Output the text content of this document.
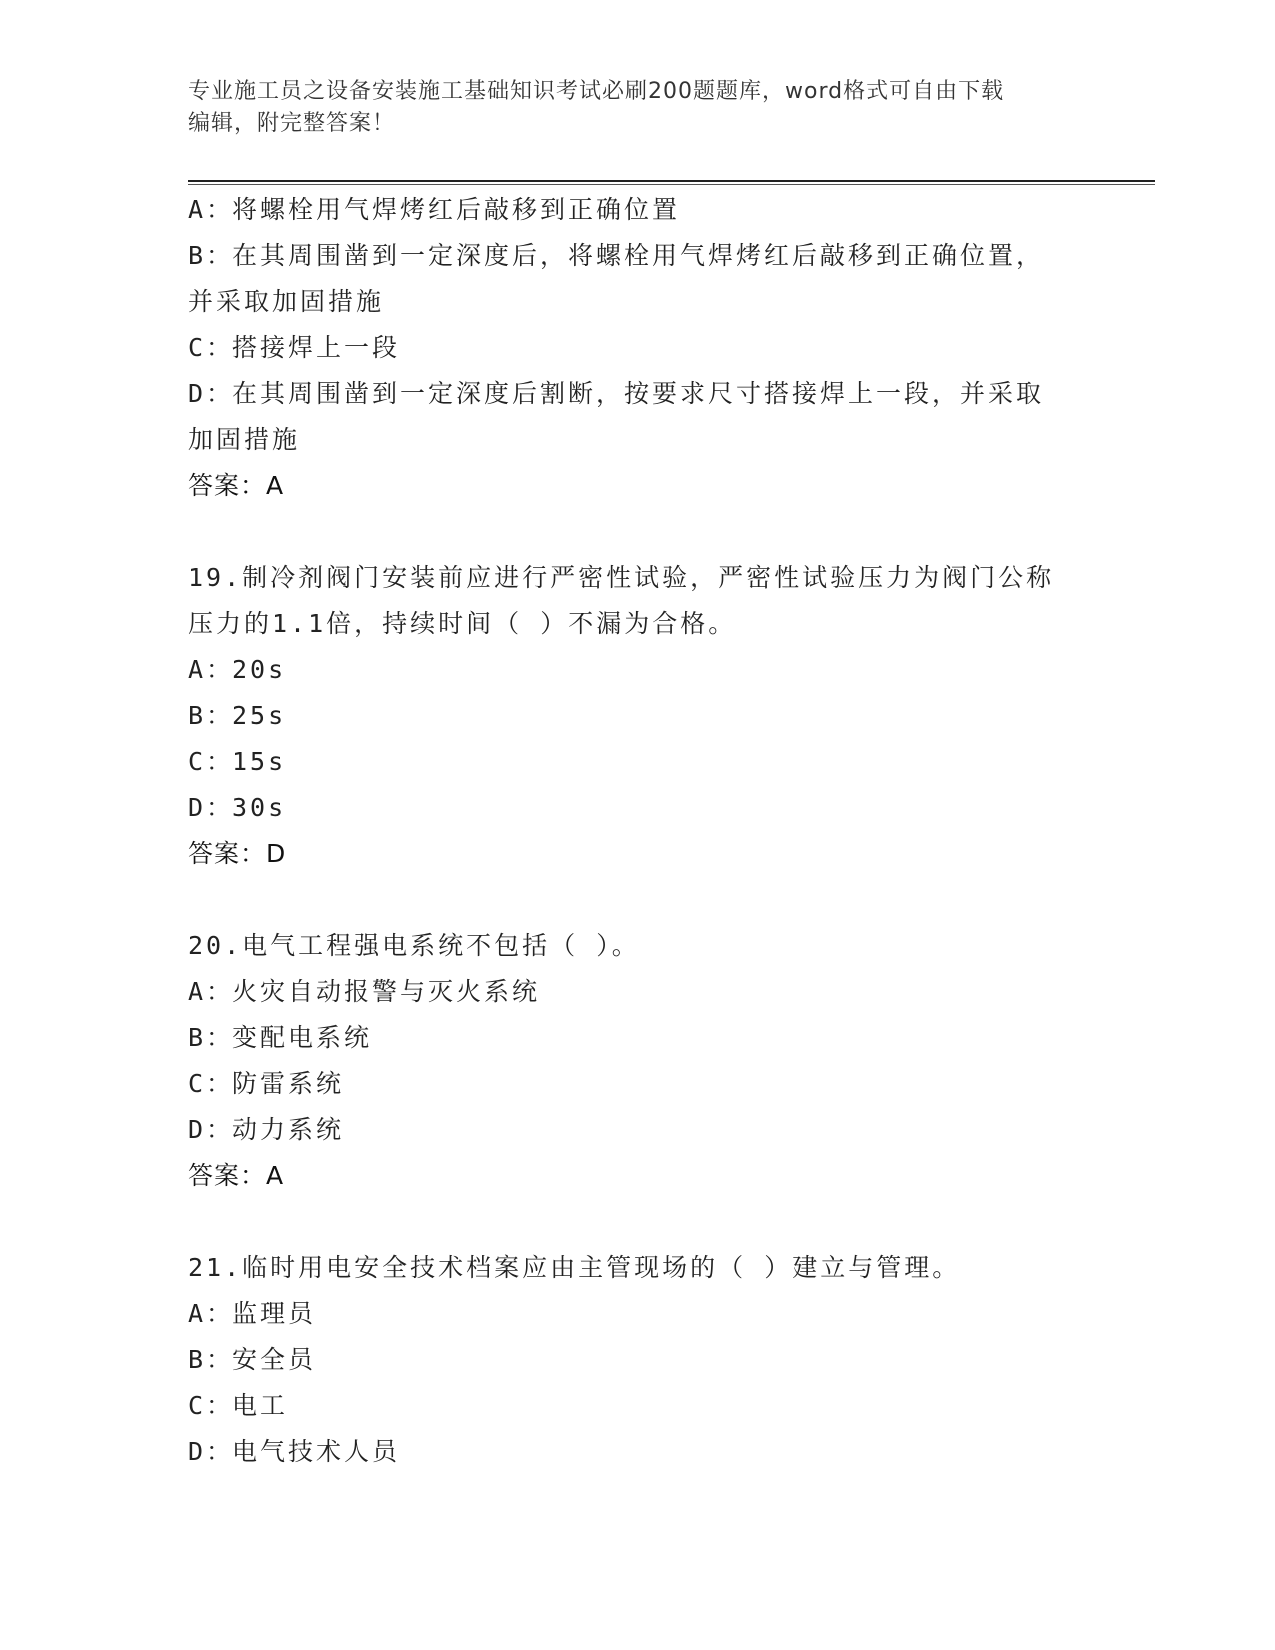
专业施工员之设备安装施工基础知识考试必刷200题题库，word格式可自由下载
编辑，附完整答案！
A：将螺栓用气焊烤红后敲移到正确位置
B：在其周围凿到一定深度后，将螺栓用气焊烤红后敲移到正确位置，
并采取加固措施
C：搭接焊上一段
D：在其周围凿到一定深度后割断，按要求尺寸搭接焊上一段，并采取
加固措施
答案：A
19.制冷剂阀门安装前应进行严密性试验，严密性试验压力为阀门公称
压力的1.1倍，持续时间（ ）不漏为合格。
A：20s
B：25s
C：15s
D：30s
答案：D
20.电气工程强电系统不包括（ ）。
A：火灾自动报警与灭火系统
B：变配电系统
C：防雷系统
D：动力系统
答案：A
21.临时用电安全技术档案应由主管现场的（ ）建立与管理。
A：监理员
B：安全员
C：电工
D：电气技术人员
